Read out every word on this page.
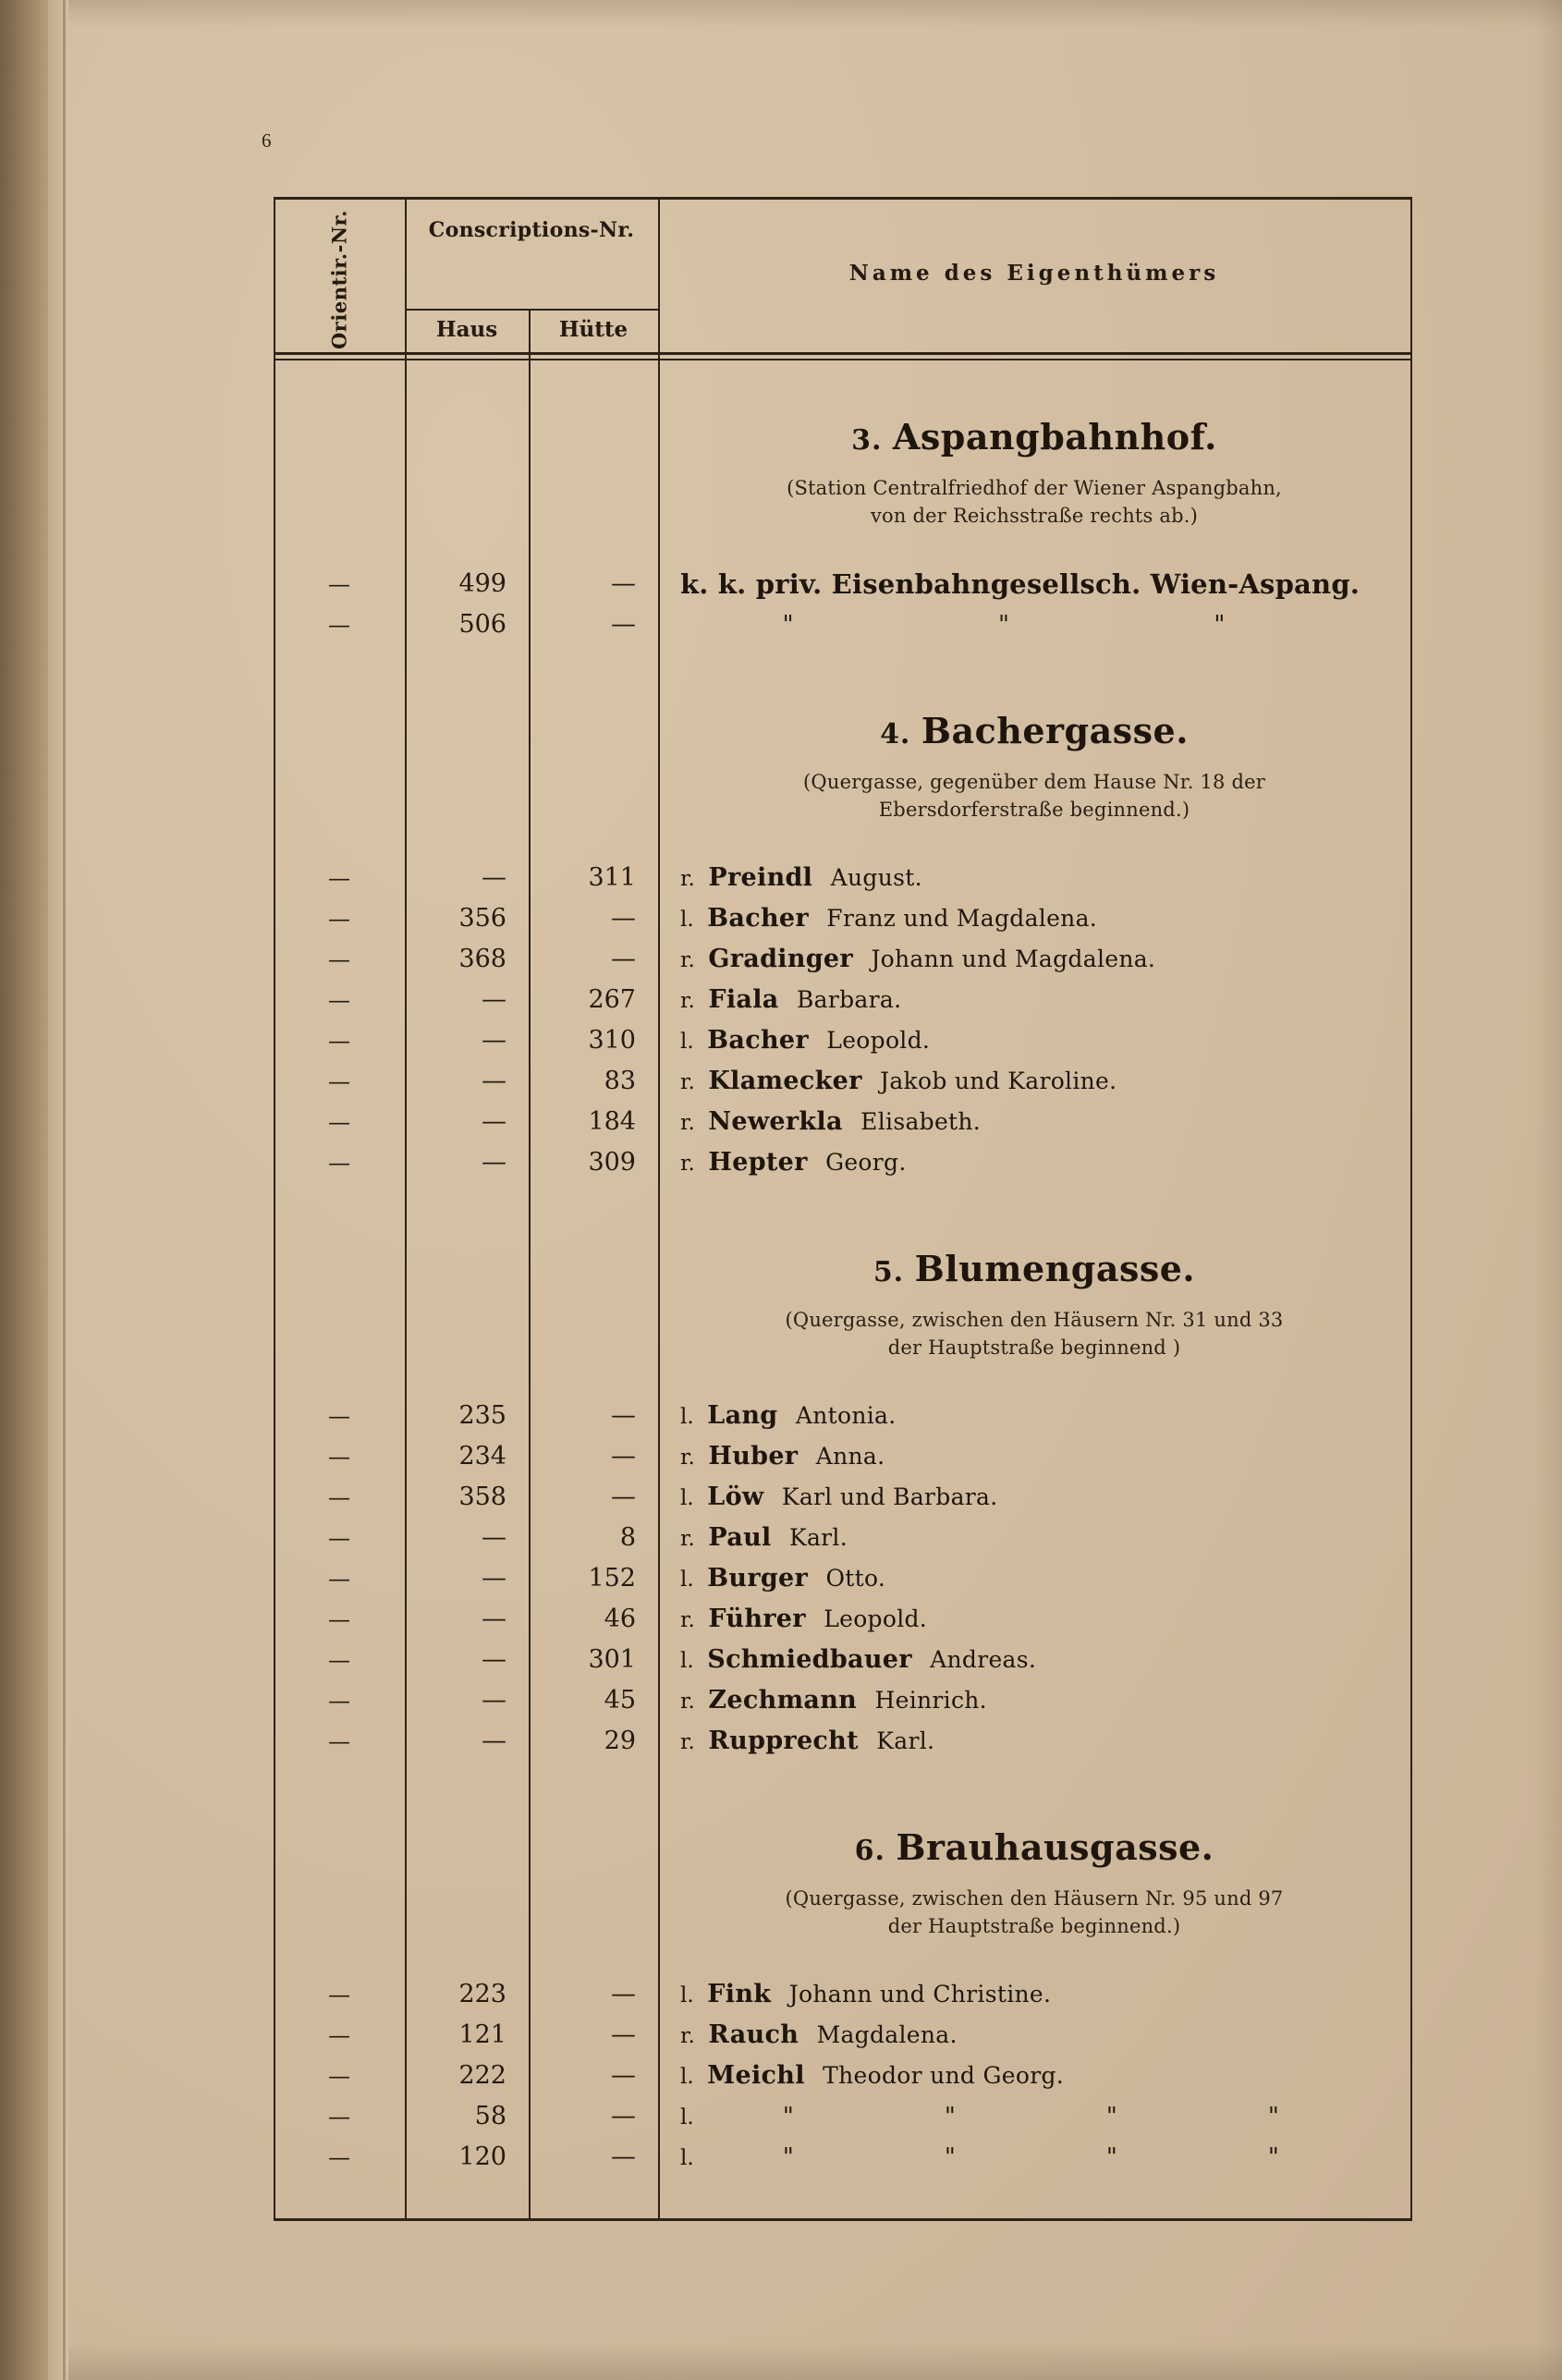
6
Orientir.-Nr.	Conscriptions-Nr.
Haus	Hütte
Name des Eigenthümers
3. Aspangbahnhof.
(Station Centralfriedhof der Wiener Aspangbahn,
von der Reichsstraße rechts ab.)
—	499	—	k. k. priv. Eisenbahngesellsch. Wien-Aspang.
—	506	—	"	"	"
4. Bachergasse.
(Quergasse, gegenüber dem Hause Nr. 18 der
Ebersdorferstraße beginnend.)
—	—	311	r.  Preindl  August.
—	356	—	l.  Bacher  Franz und Magdalena.
—	368	—	r.  Gradinger  Johann und Magdalena.
—	—	267	r.  Fiala  Barbara.
—	—	310	l.  Bacher  Leopold.
—	—	83	r.  Klamecker  Jakob und Karoline.
—	—	184	r.  Newerkla  Elisabeth.
—	—	309	r.  Hepter  Georg.
5. Blumengasse.
(Quergasse, zwischen den Häusern Nr. 31 und 33
der Hauptstraße beginnend )
—	235	—	l.  Lang  Antonia.
—	234	—	r.  Huber  Anna.
—	358	—	l.  Löw  Karl und Barbara.
—	—	8	r.  Paul  Karl.
—	—	152	l.  Burger  Otto.
—	—	46	r.  Führer  Leopold.
—	—	301	l.  Schmiedbauer  Andreas.
—	—	45	r.  Zechmann  Heinrich.
—	—	29	r.  Rupprecht  Karl.
6. Brauhausgasse.
(Quergasse, zwischen den Häusern Nr. 95 und 97
der Hauptstraße beginnend.)
—	223	—	l.  Fink  Johann und Christine.
—	121	—	r.  Rauch  Magdalena.
—	222	—	l.  Meichl  Theodor und Georg.
—	58	—	l.	"	"	"	"
—	120	—	l.	"	"	"	"
